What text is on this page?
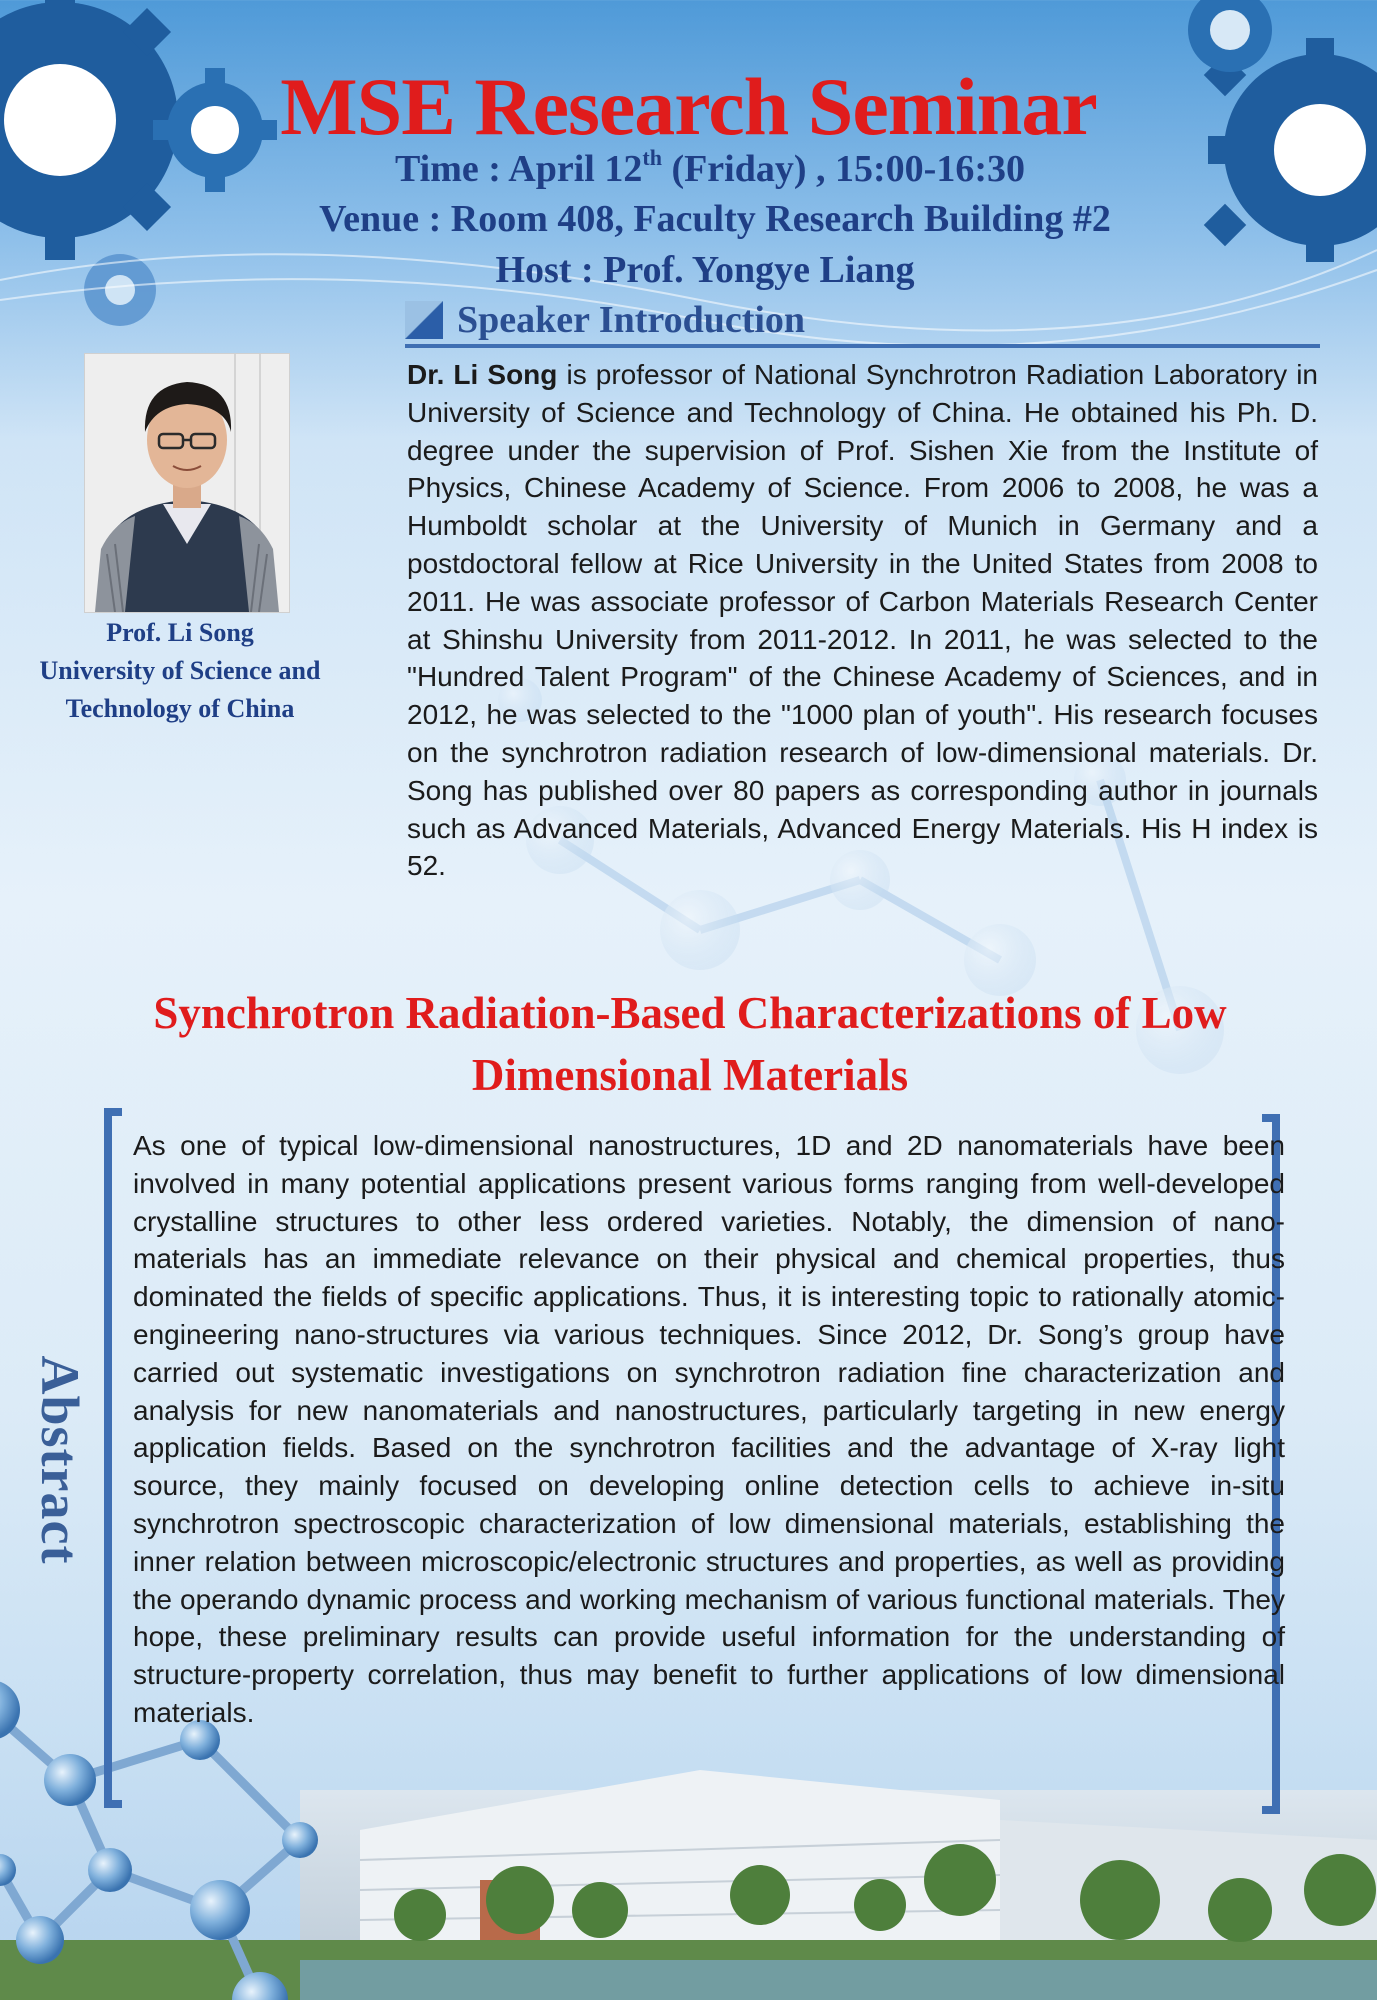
MSE Research Seminar
Time : April 12th (Friday) , 15:00-16:30
Venue : Room 408, Faculty Research Building #2
Host : Prof. Yongye Liang
Speaker Introduction
Prof. Li Song
University of Science and
Technology of China
Dr. Li Song is professor of National Synchrotron Radiation Laboratory in University of Science and Technology of China. He obtained his Ph. D. degree under the supervision of Prof. Sishen Xie from the Institute of Physics, Chinese Academy of Science. From 2006 to 2008, he was a Humboldt scholar at the University of Munich in Germany and a postdoctoral fellow at Rice University in the United States from 2008 to 2011. He was associate professor of Carbon Materials Research Center at Shinshu University from 2011-2012. In 2011, he was selected to the "Hundred Talent Program" of the Chinese Academy of Sciences, and in 2012, he was selected to the "1000 plan of youth". His research focuses on the synchrotron radiation research of low-dimensional materials. Dr. Song has published over 80 papers as corresponding author in journals such as Advanced Materials, Advanced Energy Materials. His H index is 52.
Synchrotron Radiation-Based Characterizations of Low
Dimensional Materials
Abstract
As one of typical low-dimensional nanostructures, 1D and 2D nanomaterials have been involved in many potential applications present various forms ranging from well-developed crystalline structures to other less ordered varieties. Notably, the dimension of nano-materials has an immediate relevance on their physical and chemical properties, thus dominated the fields of specific applications. Thus, it is interesting topic to rationally atomic-engineering nano-structures via various techniques. Since 2012, Dr. Song’s group have carried out systematic investigations on synchrotron radiation fine characterization and analysis for new nanomaterials and nanostructures, particularly targeting in new energy application fields. Based on the synchrotron facilities and the advantage of X-ray light source, they mainly focused on developing online detection cells to achieve in-situ synchrotron spectroscopic characterization of low dimensional materials, establishing the inner relation between microscopic/electronic structures and properties, as well as providing the operando dynamic process and working mechanism of various functional materials. They hope, these preliminary results can provide useful information for the understanding of structure-property correlation, thus may benefit to further applications of low dimensional materials.
